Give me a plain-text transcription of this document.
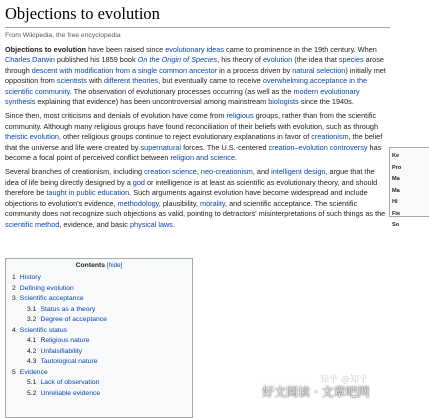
Objections to evolution
From Wikipedia, the free encyclopedia

Objections to evolution have been raised since evolutionary ideas came to prominence in the 19th century. When Charles Darwin published his 1859 book On the Origin of Species, his theory of evolution (the idea that species arose through descent with modification from a single common ancestor in a process driven by natural selection) initially met opposition from scientists with different theories, but eventually came to receive overwhelming acceptance in the scientific community. The observation of evolutionary processes occurring (as well as the modern evolutionary synthesis explaining that evidence) has been uncontroversial among mainstream biologists since the 1940s.

Since then, most criticisms and denials of evolution have come from religious groups, rather than from the scientific community. Although many religious groups have found reconciliation of their beliefs with evolution, such as through theistic evolution, other religious groups continue to reject evolutionary explanations in favor of creationism, the belief that the universe and life were created by supernatural forces. The U.S.-centered creation–evolution controversy has become a focal point of perceived conflict between religion and science.

Several branches of creationism, including creation science, neo-creationism, and intelligent design, argue that the idea of life being directly designed by a god or intelligence is at least as scientific as evolutionary theory, and should therefore be taught in public education. Such arguments against evolution have become widespread and include objections to evolution's evidence, methodology, plausibility, morality, and scientific acceptance. The scientific community does not recognize such objections as valid, pointing to detractors' misinterpretations of such things as the scientific method, evidence, and basic physical laws.

Ke
Pro
Ma
Ma
Hi
Fie
So
Contents [hide]
1 History
2 Defining evolution
3 Scientific acceptance
3.1 Status as a theory
3.2 Degree of acceptance
4 Scientific status
4.1 Religious nature
4.2 Unfalsifiability
4.3 Tautological nature
5 Evidence
5.1 Lack of observation
5.2 Unreliable evidence
知乎 @知乎
好文阅读 · 文章吧网
